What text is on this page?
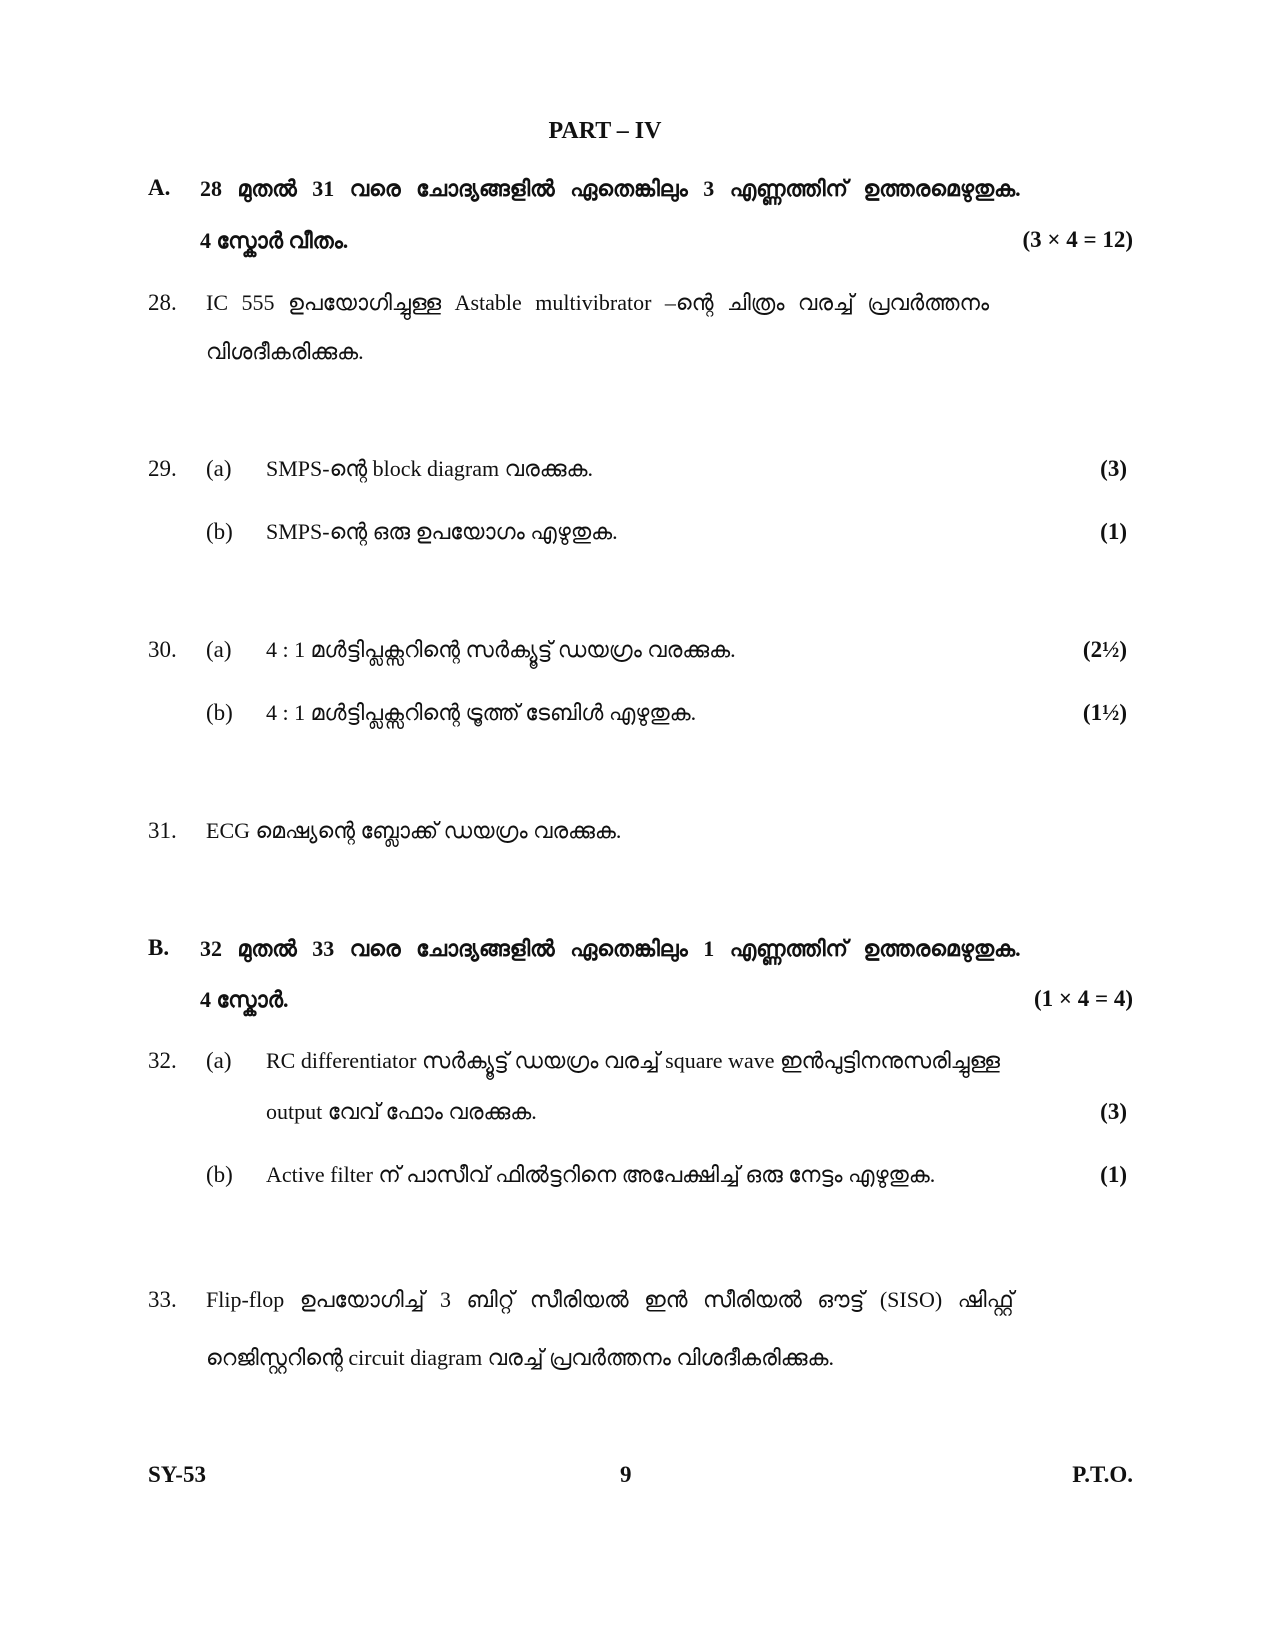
PART – IV
A. 28 മുതൽ 31 വരെ ചോദ്യങ്ങളിൽ ഏതെങ്കിലും 3 എണ്ണത്തിന് ഉത്തരമെഴുതുക.
4 സ്കോർ വീതം.	(3 × 4 = 12)
28. IC 555 ഉപയോഗിച്ചുള്ള Astable multivibrator –ന്റെ ചിത്രം വരച്ച് പ്രവർത്തനം
വിശദീകരിക്കുക.
29. (a) SMPS-ന്റെ block diagram വരക്കുക.	(3)
(b) SMPS-ന്റെ ഒരു ഉപയോഗം എഴുതുക.	(1)
30. (a) 4 : 1 മൾട്ടിപ്ലക്സറിന്റെ സർക്യൂട്ട് ഡയഗ്രം വരക്കുക.	(2½)
(b) 4 : 1 മൾട്ടിപ്ലക്സറിന്റെ ട്രൂത്ത് ടേബിൾ എഴുതുക.	(1½)
31. ECG മെഷ്യന്റെ ബ്ലോക്ക് ഡയഗ്രം വരക്കുക.
B. 32 മുതൽ 33 വരെ ചോദ്യങ്ങളിൽ ഏതെങ്കിലും 1 എണ്ണത്തിന് ഉത്തരമെഴുതുക.
4 സ്കോർ.	(1 × 4 = 4)
32. (a) RC differentiator സർക്യൂട്ട് ഡയഗ്രം വരച്ച് square wave ഇൻപുട്ടിനനുസരിച്ചുള്ള
output വേവ് ഫോം വരക്കുക.	(3)
(b) Active filter ന് പാസീവ് ഫിൽട്ടറിനെ അപേക്ഷിച്ച് ഒരു നേട്ടം എഴുതുക.	(1)
33. Flip-flop ഉപയോഗിച്ച് 3 ബിറ്റ് സീരിയൽ ഇൻ സീരിയൽ ഔട്ട് (SISO) ഷിഫ്റ്റ്
റെജിസ്റ്ററിന്റെ circuit diagram വരച്ച് പ്രവർത്തനം വിശദീകരിക്കുക.
SY-53	9	P.T.O.
